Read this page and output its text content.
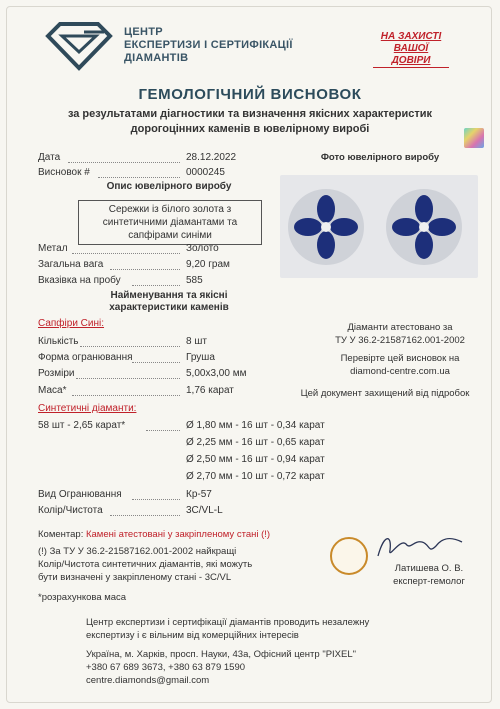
ЦЕНТР
ЕКСПЕРТИЗИ І СЕРТИФІКАЦІЇ
ДІАМАНТІВ
НА ЗАХИСТІ
ВАШОЇ
ДОВІРИ
ГЕМОЛОГІЧНИЙ ВИСНОВОК
за результатами діагностики та визначення якісних характеристик
дорогоцінних каменів в ювелірному виробі
Дата	28.12.2022
Висновок #	0000245
Опис ювелірного виробу
Сережки із білого золота з
синтетичними діамантами та
сапфірами синіми
Метал	Золото
Загальна вага	9,20 грам
Вказівка на пробу	585
Найменування та якісні
характеристики каменів
Сапфіри Сині:
Кількість	8 шт
Форма огранювання	Груша
Розміри	5,00x3,00 мм
Маса*	1,76 карат
Синтетичні діаманти:
58 шт - 2,65 карат*	Ø 1,80 мм - 16 шт - 0,34 карат
Ø 2,25 мм - 16 шт - 0,65 карат
Ø 2,50 мм - 16 шт - 0,94 карат
Ø 2,70 мм - 10 шт - 0,72 карат
Вид Огранювання	Кр-57
Колір/Чистота	3С/VL-L
Фото ювелірного виробу
Діаманти атестовано за
ТУ У 36.2-21587162.001-2002
Перевірте цей висновок на
diamond-centre.com.ua
Цей документ захищений від підробок
Коментар: Камені атестовані у закріпленому стані (!)
(!) За ТУ У 36.2-21587162.001-2002 найкращі
Колір/Чистота синтетичних діамантів, які можуть
бути визначені у закріпленому стані - 3С/VL
*розрахункова маса
Латишева О. В.
експерт-гемолог
Центр експертизи і сертифікації діамантів проводить незалежну
експертизу і є вільним від комерційних інтересів
Україна, м. Харків, просп. Науки, 43а, Офісний центр "PIXEL"
+380 67 689 3673, +380 63 879 1590
centre.diamonds@gmail.com
